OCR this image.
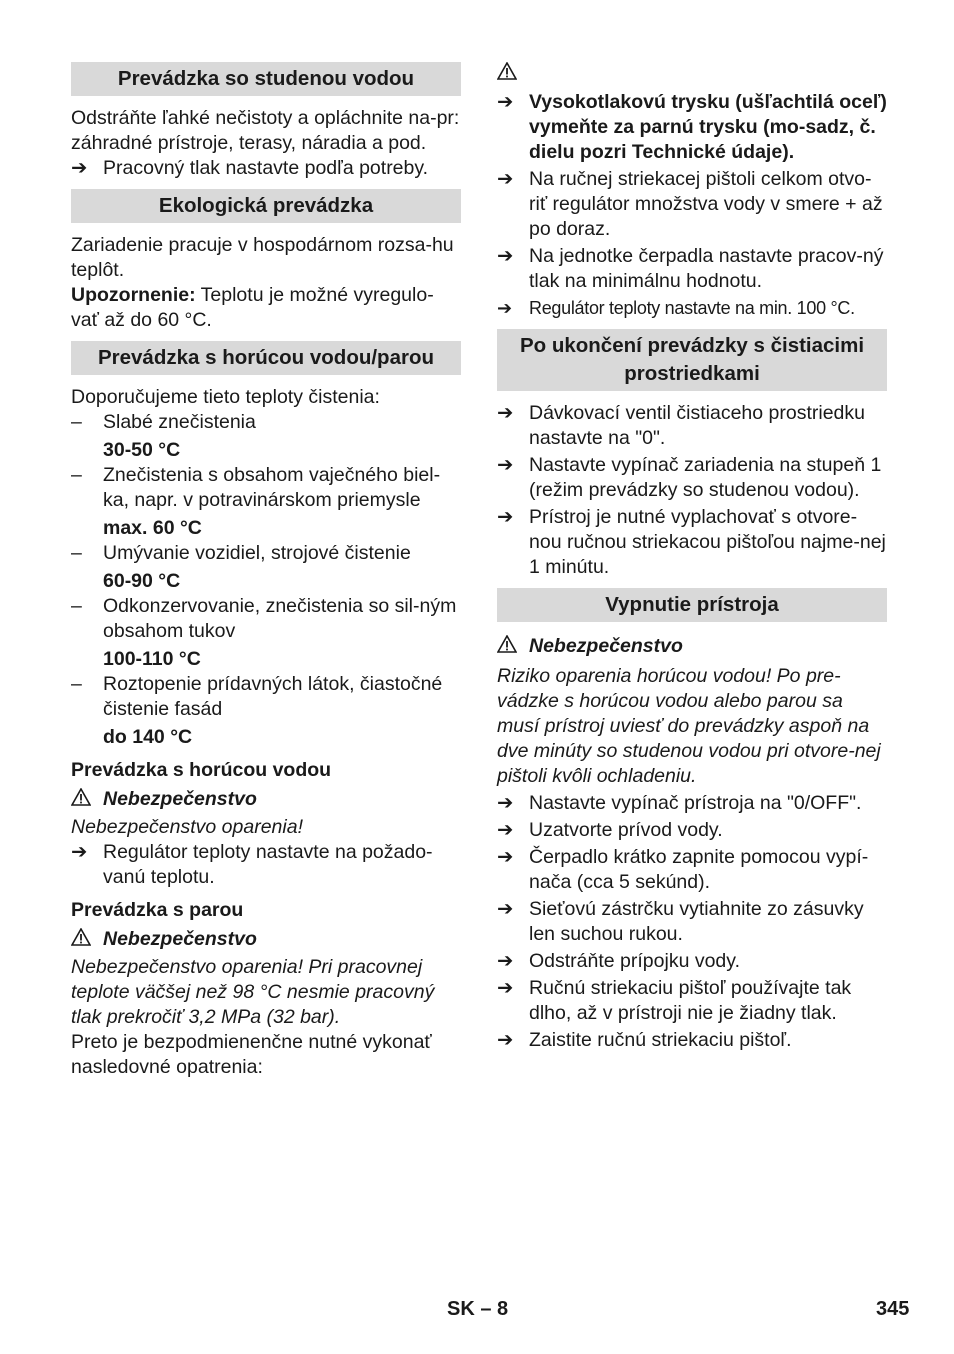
Prevádzka so studenou vodou

Odstráňte ľahké nečistoty a opláchnite na-pr: záhradné prístroje, terasy, náradia a pod.

➔ Pracovný tlak nastavte podľa potreby.
Ekologická prevádzka

Zariadenie pracuje v hospodárnom rozsa-hu teplôt.

Upozornenie: Teplotu je možné vyregulo-vať až do 60 °C.

Prevádzka s horúcou vodou/parou

Doporučujeme tieto teploty čistenia:

– Slabé znečistenia
30-50 °C
– Znečistenia s obsahom vaječného biel-ka, napr. v potravinárskom priemysle
max. 60 °C
– Umývanie vozidiel, strojové čistenie
60-90 °C
– Odkonzervovanie, znečistenia so sil-ným obsahom tukov
100-110 °C
– Roztopenie prídavných látok, čiastočné čistenie fasád
do 140 °C
Prevádzka s horúcou vodou
Nebezpečenstvo

Nebezpečenstvo oparenia!

➔ Regulátor teploty nastavte na požado-vanú teplotu.
Prevádzka s parou
Nebezpečenstvo

Nebezpečenstvo oparenia! Pri pracovnej teplote väčšej než 98 °C nesmie pracovný tlak prekročiť 3,2 MPa (32 bar).

Preto je bezpodmienenčne nutné vykonať nasledovné opatrenia:

➔ Vysokotlakovú trysku (ušľachtilá oceľ) vymeňte za parnú trysku (mo-sadz, č. dielu pozri Technické údaje).
➔ Na ručnej striekacej pištoli celkom otvo-riť regulátor množstva vody v smere + až po doraz.
➔ Na jednotke čerpadla nastavte pracov-ný tlak na minimálnu hodnotu.
➔ Regulátor teploty nastavte na min. 100 °C.
Po ukončení prevádzky s čistiacimi prostriedkami
➔ Dávkovací ventil čistiaceho prostriedku nastavte na "0".
➔ Nastavte vypínač zariadenia na stupeň 1 (režim prevádzky so studenou vodou).
➔ Prístroj je nutné vyplachovať s otvore-nou ručnou striekacou pištoľou najme-nej 1 minútu.
Vypnutie prístroja
Nebezpečenstvo

Riziko oparenia horúcou vodou! Po pre-vádzke s horúcou vodou alebo parou sa musí prístroj uviesť do prevádzky aspoň na dve minúty so studenou vodou pri otvore-nej pištoli kvôli ochladeniu.

➔ Nastavte vypínač prístroja na "0/OFF".
➔ Uzatvorte prívod vody.
➔ Čerpadlo krátko zapnite pomocou vypí-nača (cca 5 sekúnd).
➔ Sieťovú zástrčku vytiahnite zo zásuvky len suchou rukou.
➔ Odstráňte prípojku vody.
➔ Ručnú striekaciu pištoľ používajte tak dlho, až v prístroji nie je žiadny tlak.
➔ Zaistite ručnú striekaciu pištoľ.
SK – 8	345
